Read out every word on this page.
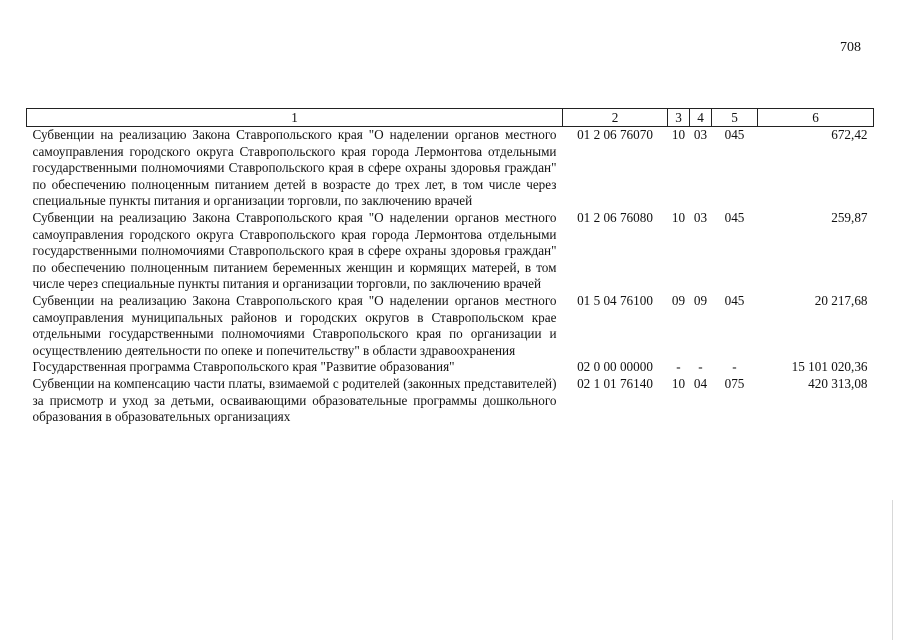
708
1	2	3	4	5	6
Субвенции на реализацию Закона Ставропольского края "О наделении органов местного самоуправления городского округа Ставропольского края города Лермонтова отдельными государственными полномочиями Ставропольского края в сфере охраны здоровья граждан" по обеспечению полноценным питанием детей в возрасте до трех лет, в том числе через специальные пункты питания и организации торговли, по заключению врачей	01 2 06 76070	10	03	045	672,42
Субвенции на реализацию Закона Ставропольского края "О наделении органов местного самоуправления городского округа Ставропольского края города Лермонтова отдельными государственными полномочиями Ставропольского края в сфере охраны здоровья граждан" по обеспечению полноценным питанием беременных женщин и кормящих матерей, в том числе через специальные пункты питания и организации торговли, по заключению врачей	01 2 06 76080	10	03	045	259,87
Субвенции на реализацию Закона Ставропольского края "О наделении органов местного самоуправления муниципальных районов и городских округов в Ставропольском крае отдельными государственными полномочиями Ставропольского края по организации и осуществлению деятельности по опеке и попечительству" в области здравоохранения	01 5 04 76100	09	09	045	20 217,68
Государственная программа Ставропольского края "Развитие образования"	02 0 00 00000	-	-	-	15 101 020,36
Субвенции на компенсацию части платы, взимаемой с родителей (законных представителей) за присмотр и уход за детьми, осваивающими образовательные программы дошкольного образования в образовательных организациях	02 1 01 76140	10	04	075	420 313,08
